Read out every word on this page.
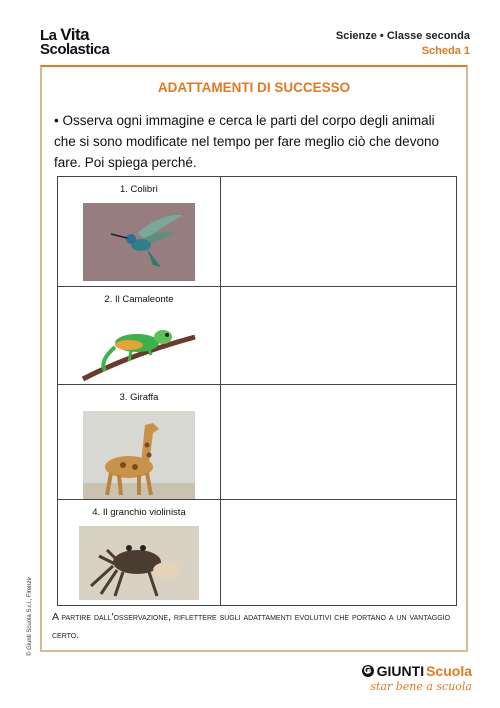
La Vita
Scolastica
Scienze • Classe seconda
Scheda 1
ADATTAMENTI DI SUCCESSO
• Osserva ogni immagine e cerca le parti del corpo degli animali che si sono modificate nel tempo per fare meglio ciò che devono fare. Poi spiega perché.
1. Colibrì	

2. Il Camaleonte	

3. Giraffa	

4. Il granchio violinista	

A partire dall'osservazione, riflettere sugli adattamenti evolutivi che portano a un vantaggio certo.
© Giunti Scuola S.r.l., Firenze
GIUNTI Scuola
star bene a scuola
